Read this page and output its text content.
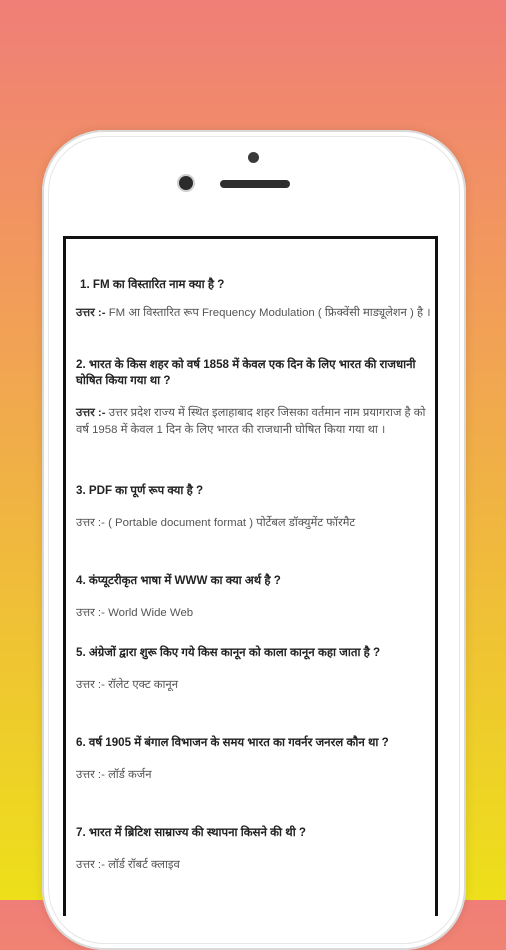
1. FM का विस्तारित नाम क्या है ?
उत्तर :- FM आ विस्तारित रूप Frequency Modulation ( फ्रिक्वेंसी माड्यूलेशन ) है ।
2. भारत के किस शहर को वर्ष 1858 में केवल एक दिन के लिए भारत की राजधानी घोषित किया गया था ?
उत्तर :- उत्तर प्रदेश राज्य में स्थित इलाहाबाद शहर जिसका वर्तमान नाम प्रयागराज है को वर्ष 1958 में केवल 1 दिन के लिए भारत की राजधानी घोषित किया गया था ।
3. PDF का पूर्ण रूप क्या है ?
उत्तर :- ( Portable document format ) पोर्टेबल डॉक्युमेंट फॉरमैट
4. कंप्यूटरीकृत भाषा में WWW का क्या अर्थ है ?
उत्तर :- World Wide Web
5. अंग्रेजों द्वारा शुरू किए गये किस कानून को काला कानून कहा जाता है ?
उत्तर :- रॉलेट एक्ट कानून
6. वर्ष 1905 में बंगाल विभाजन के समय भारत का गवर्नर जनरल कौन था ?
उत्तर :- लॉर्ड कर्जन
7. भारत में ब्रिटिश साम्राज्य की स्थापना किसने की थी ?
उत्तर :- लॉर्ड रॉबर्ट क्लाइव
